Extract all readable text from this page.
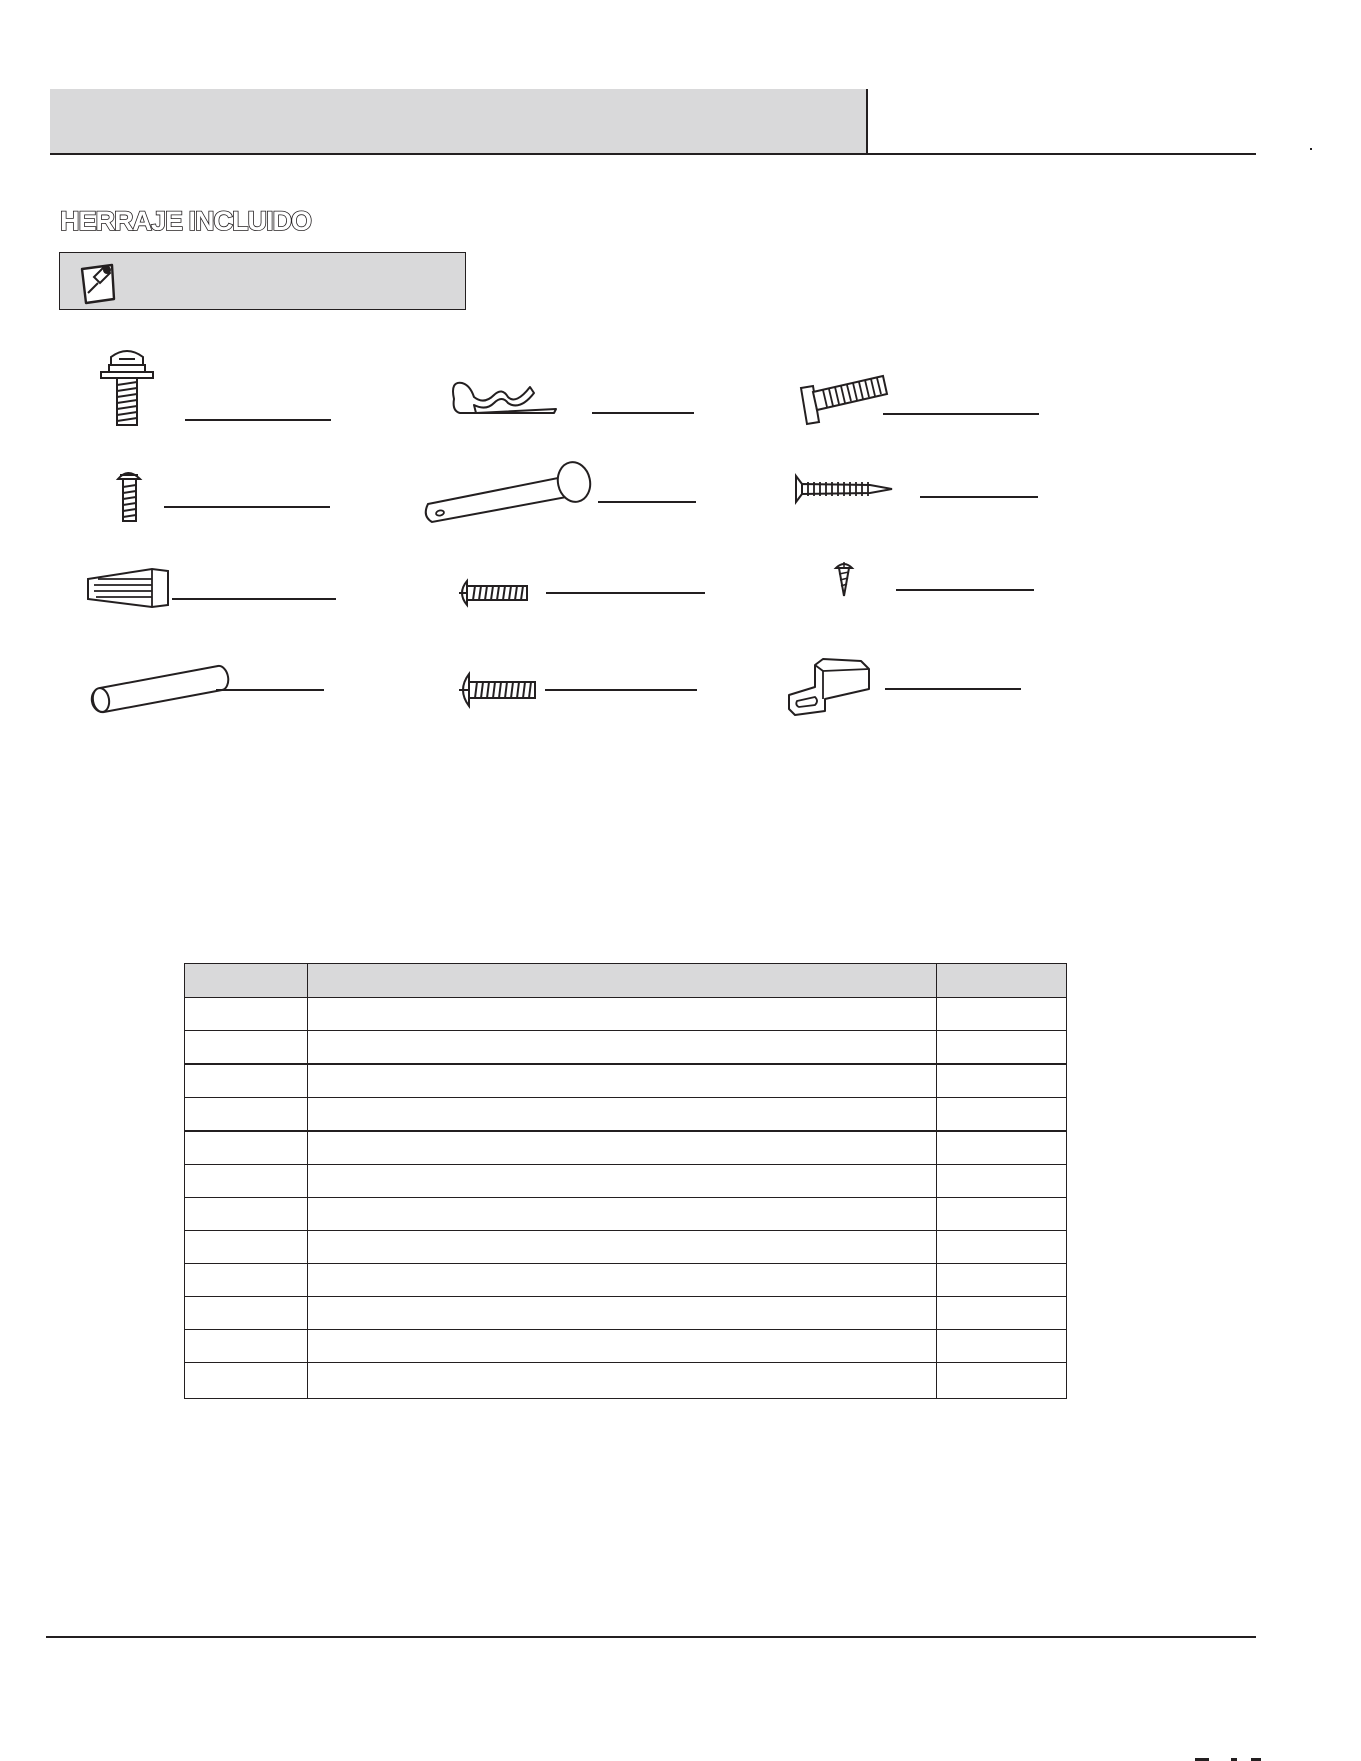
HERRAJE INCLUIDO
